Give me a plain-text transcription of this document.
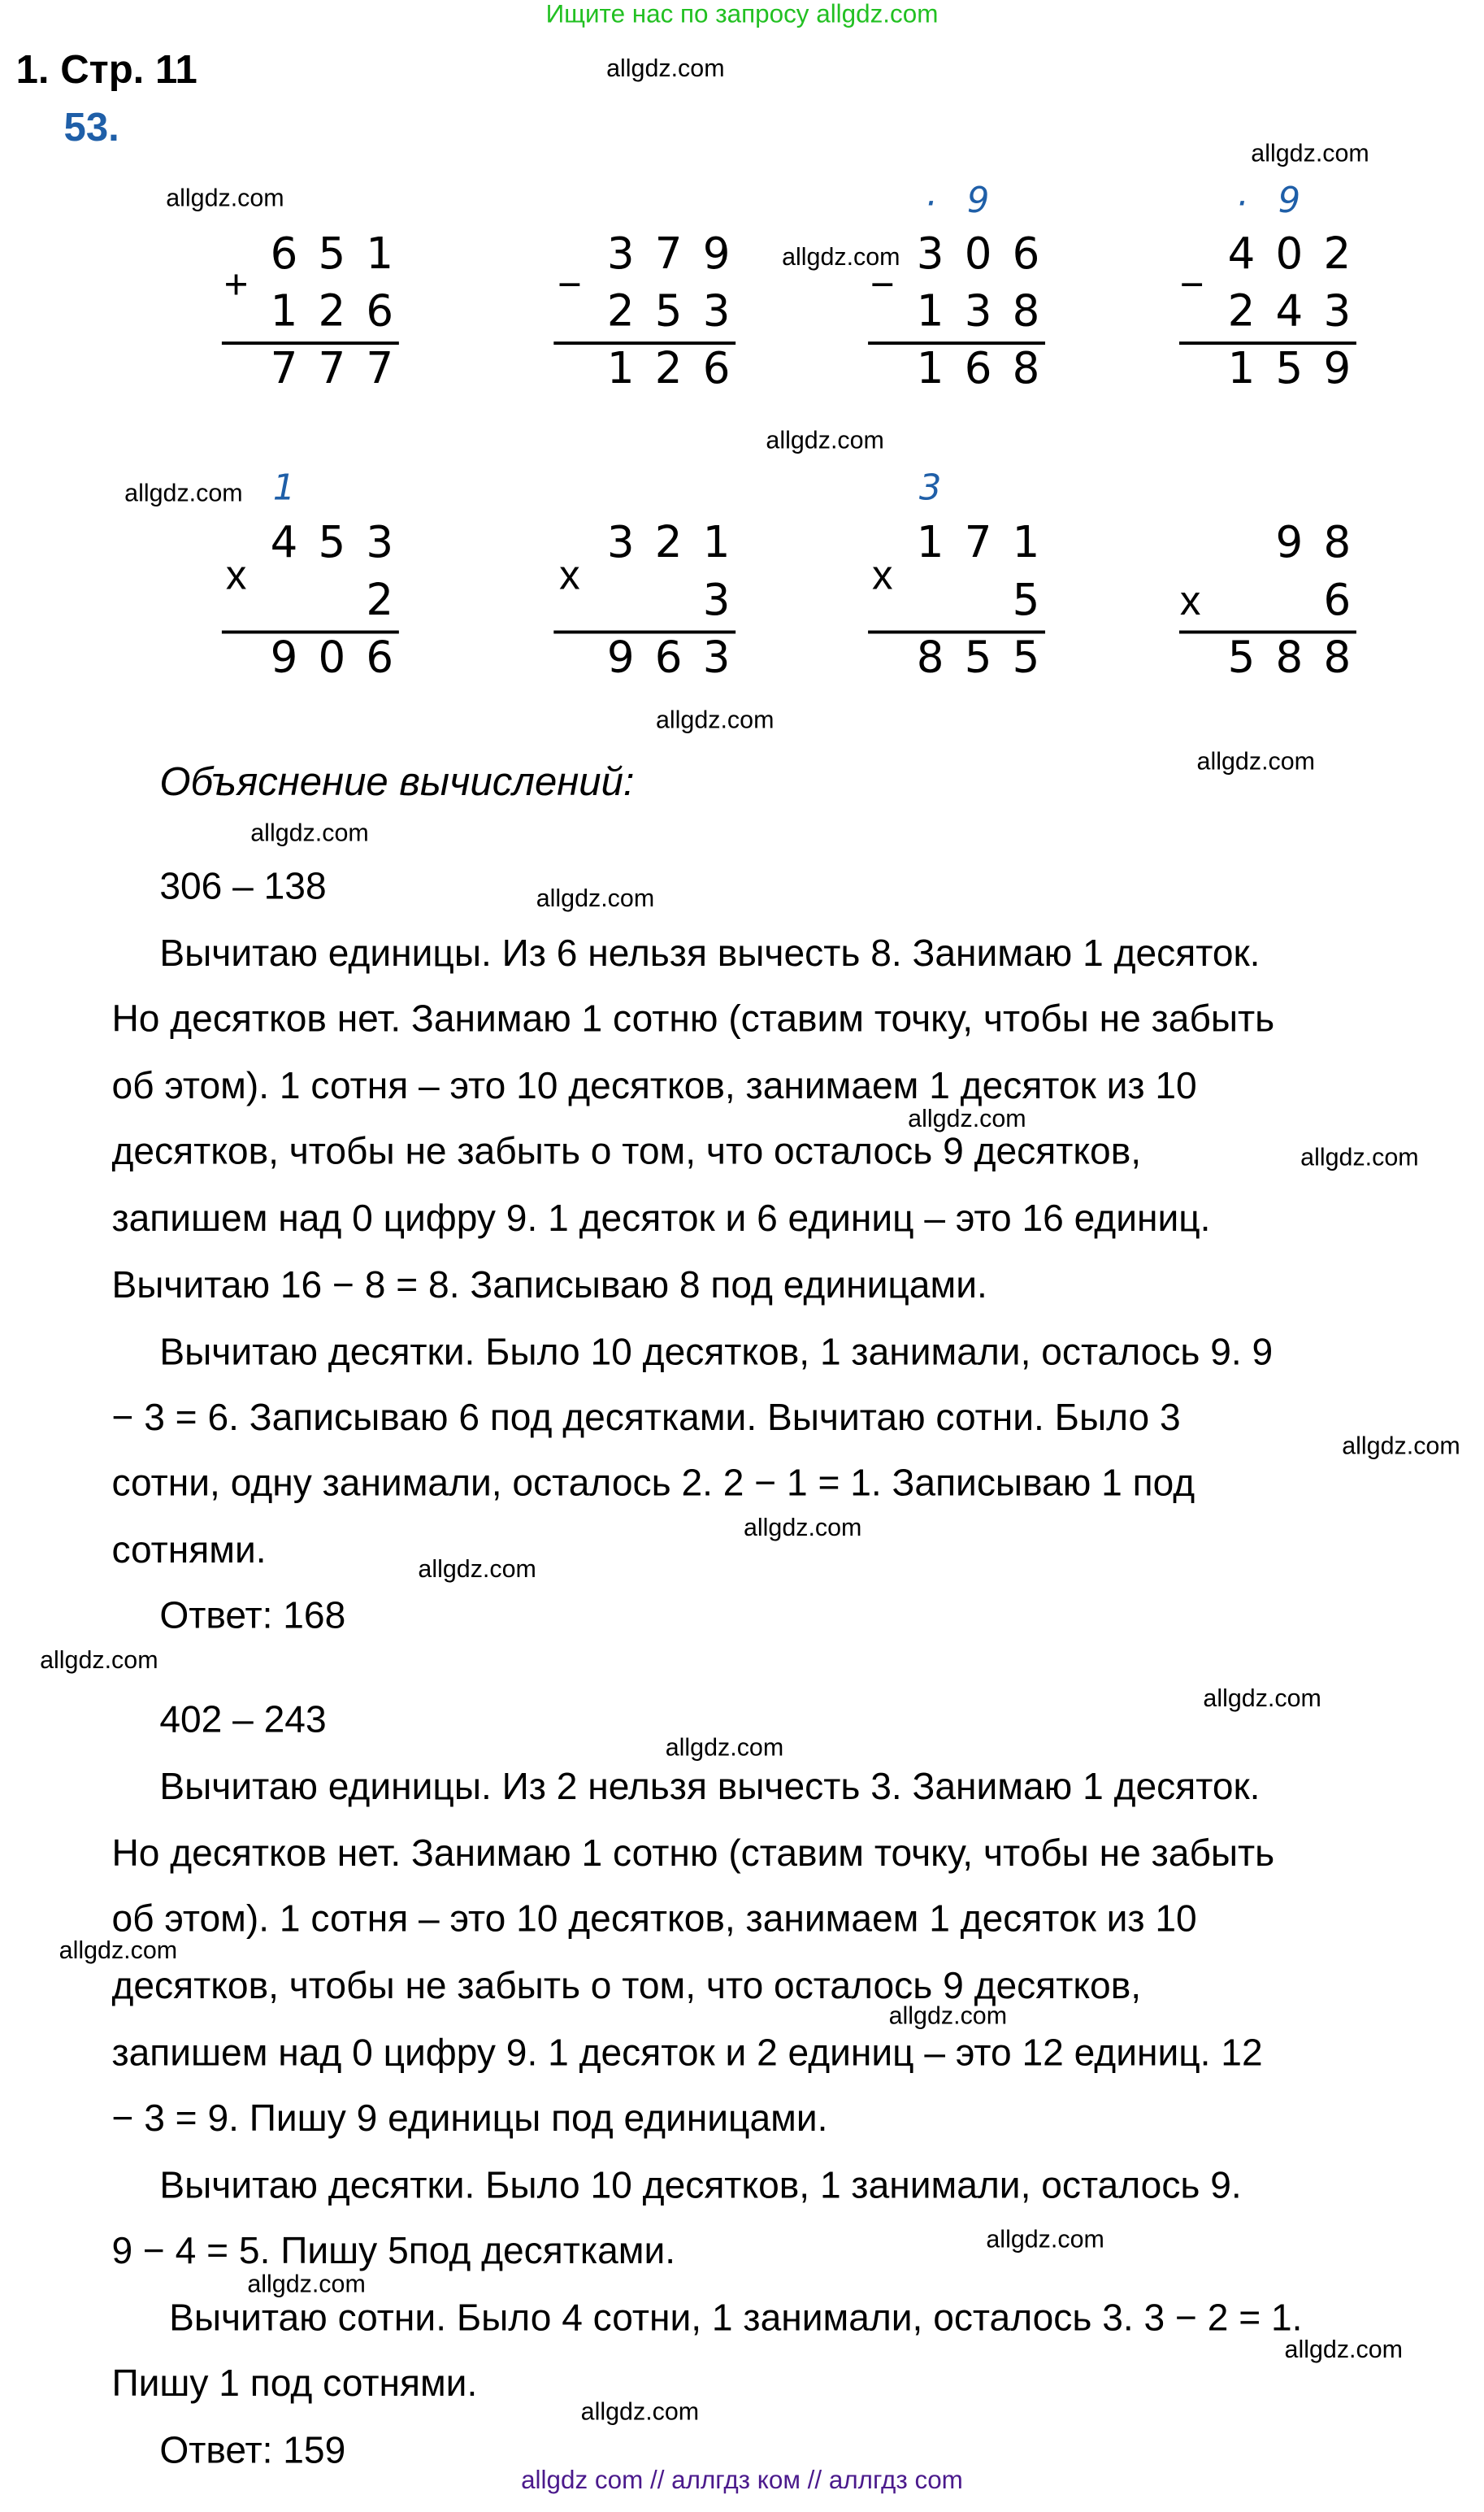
Ищите нас по запросу allgdz.com
1. Стр. 11
53.
6 5 1
1 2 6
7 7 7
+
3 7 9
2 5 3
1 2 6
−
3 0 6
1 3 8
1 6 8
−
·	9
4 0 2
2 4 3
1 5 9
−
·	9
4 5 3
2
9 0 6
x
1
3 2 1
3
9 6 3
x
1 7 1
5
8 5 5
x
3
9 8
6
5 8 8
x
Объяснение вычислений:
306 – 138
Вычитаю единицы. Из 6 нельзя вычесть 8. Занимаю 1 десяток.
Но десятков нет. Занимаю 1 сотню (ставим точку, чтобы не забыть
об этом). 1 сотня – это 10 десятков, занимаем 1 десяток из 10
десятков, чтобы не забыть о том, что осталось 9 десятков,
запишем над 0 цифру 9. 1 десяток и 6 единиц – это 16 единиц.
Вычитаю 16 − 8 = 8. Записываю 8 под единицами.
Вычитаю десятки. Было 10 десятков, 1 занимали, осталось 9. 9
− 3 = 6. Записываю 6 под десятками. Вычитаю сотни. Было 3
сотни, одну занимали, осталось 2. 2 − 1 = 1. Записываю 1 под
сотнями.
Ответ: 168
402 – 243
Вычитаю единицы. Из 2 нельзя вычесть 3. Занимаю 1 десяток.
Но десятков нет. Занимаю 1 сотню (ставим точку, чтобы не забыть
об этом). 1 сотня – это 10 десятков, занимаем 1 десяток из 10
десятков, чтобы не забыть о том, что осталось 9 десятков,
запишем над 0 цифру 9. 1 десяток и 2 единиц – это 12 единиц. 12
− 3 = 9. Пишу 9 единицы под единицами.
Вычитаю десятки. Было 10 десятков, 1 занимали, осталось 9.
9 − 4 = 5. Пишу 5под десятками.
Вычитаю сотни. Было 4 сотни, 1 занимали, осталось 3. 3 − 2 = 1.
Пишу 1 под сотнями.
Ответ: 159
allgdz.com
allgdz.com
allgdz.com
allgdz.com
allgdz.com
allgdz.com
allgdz.com
allgdz.com
allgdz.com
allgdz.com
allgdz.com
allgdz.com
allgdz.com
allgdz.com
allgdz.com
allgdz.com
allgdz.com
allgdz.com
allgdz.com
allgdz.com
allgdz.com
allgdz.com
allgdz.com
allgdz.com
allgdz com // аллгдз ком // аллгдз com
